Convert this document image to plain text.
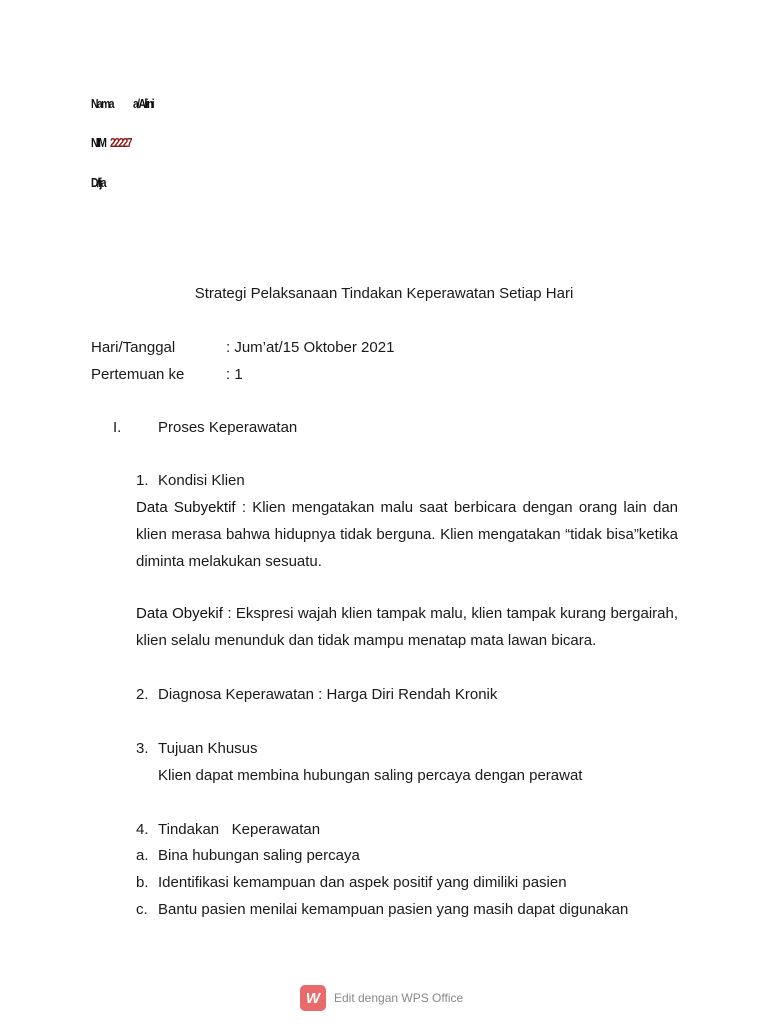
Nama a/Alini
NIM 22227
D/Ija
Strategi Pelaksanaan Tindakan Keperawatan Setiap Hari
Hari/Tanggal	: Jum’at/15 Oktober 2021
Pertemuan ke	: 1
I. Proses Keperawatan
1. Kondisi Klien
Data Subyektif : Klien mengatakan malu saat berbicara dengan orang lain dan klien merasa bahwa hidupnya tidak berguna. Klien mengatakan “tidak bisa”ketika diminta melakukan sesuatu.
Data Obyekif : Ekspresi wajah klien tampak malu, klien tampak kurang bergairah, klien selalu menunduk dan tidak mampu menatap mata lawan bicara.
2. Diagnosa Keperawatan : Harga Diri Rendah Kronik
3. Tujuan Khusus
Klien dapat membina hubungan saling percaya dengan perawat
4. Tindakan   Keperawatan
a. Bina hubungan saling percaya
b. Identifikasi kemampuan dan aspek positif yang dimiliki pasien
c. Bantu pasien menilai kemampuan pasien yang masih dapat digunakan
W	Edit dengan WPS Office
